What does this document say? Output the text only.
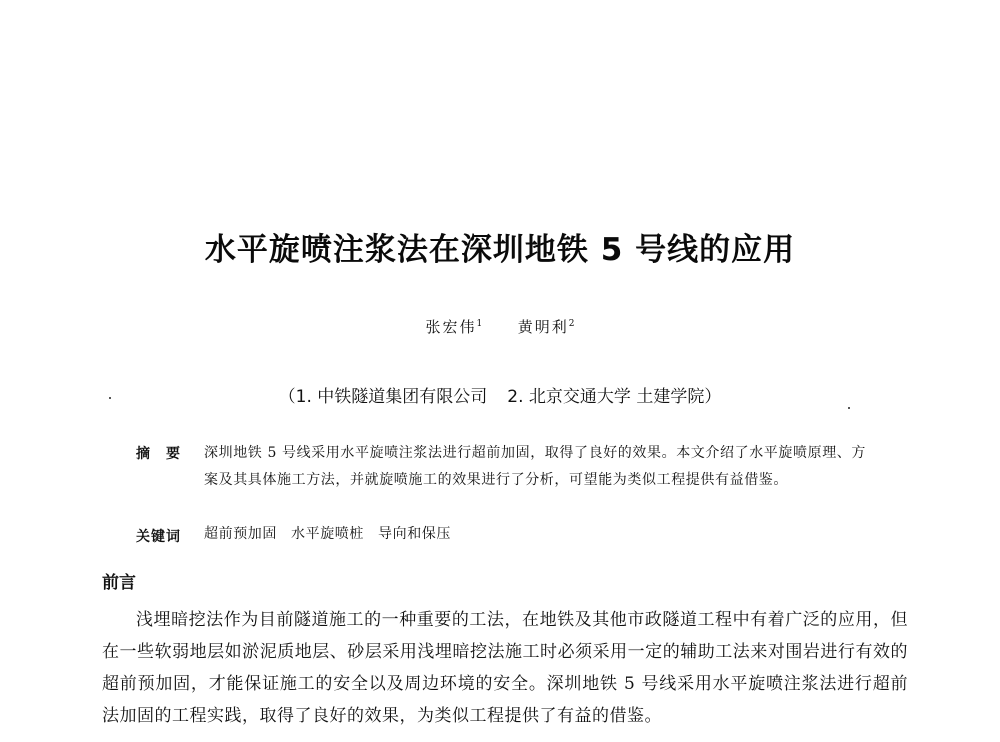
水平旋喷注浆法在深圳地铁 5 号线的应用
张宏伟$^1$ 黄明利$^2$
（1. 中铁隧道集团有限公司 2. 北京交通大学 土建学院）
摘要 深圳地铁 5 号线采用水平旋喷注浆法进行超前加固，取得了良好的效果。本文介绍了水平旋喷原理、方案及其具体施工方法，并就旋喷施工的效果进行了分析，可望能为类似工程提供有益借鉴。
关键词 超前预加固 水平旋喷桩 导向和保压
前言
浅埋暗挖法作为目前隧道施工的一种重要的工法，在地铁及其他市政隧道工程中有着广泛的应用，但在一些软弱地层如淤泥质地层、砂层采用浅埋暗挖法施工时必须采用一定的辅助工法来对围岩进行有效的超前预加固，才能保证施工的安全以及周边环境的安全。深圳地铁 5 号线采用水平旋喷注浆法进行超前法加固的工程实践，取得了良好的效果，为类似工程提供了有益的借鉴。
